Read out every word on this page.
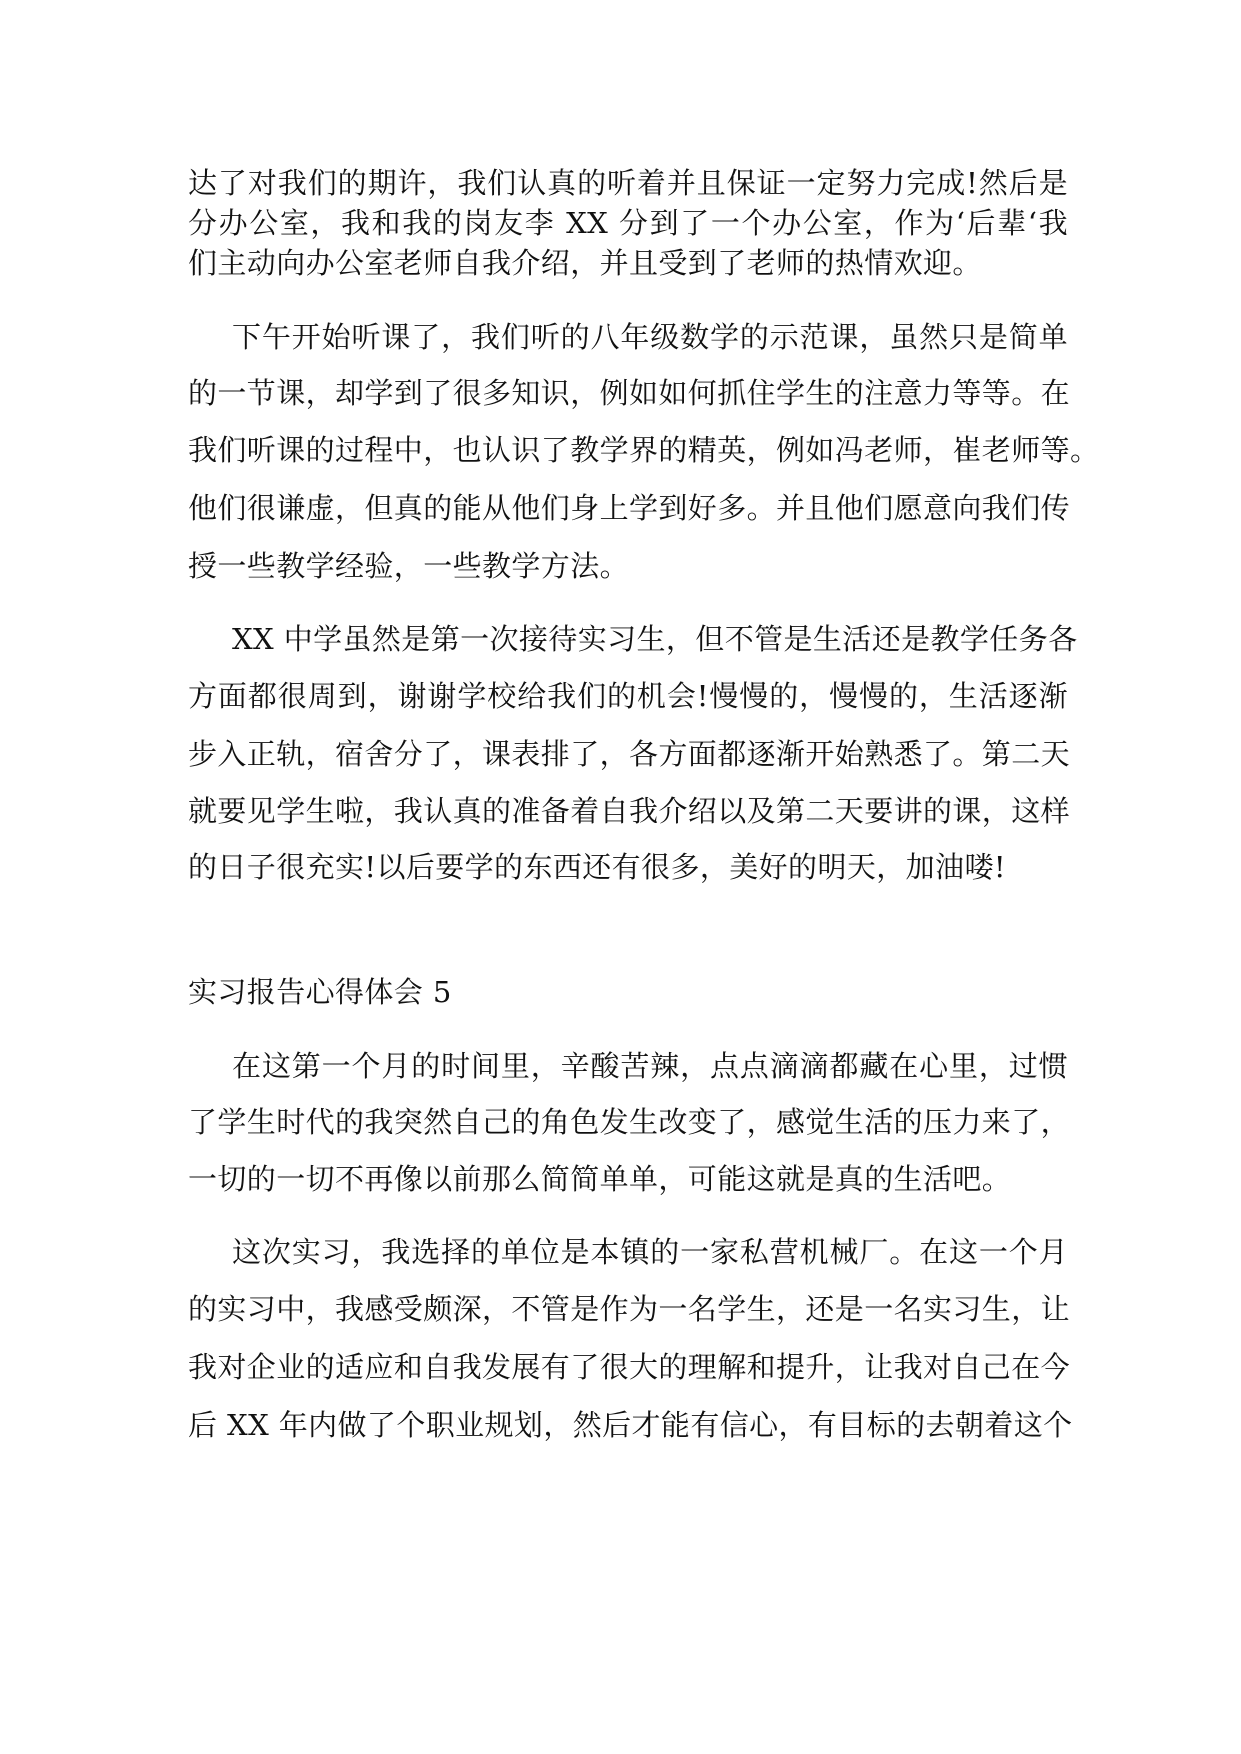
达了对我们的期许，我们认真的听着并且保证一定努力完成!然后是
分办公室，我和我的岗友李 XX 分到了一个办公室，作为‘后辈‘我
们主动向办公室老师自我介绍，并且受到了老师的热情欢迎。
下午开始听课了，我们听的八年级数学的示范课，虽然只是简单
的一节课，却学到了很多知识，例如如何抓住学生的注意力等等。在
我们听课的过程中，也认识了教学界的精英，例如冯老师，崔老师等。
他们很谦虚，但真的能从他们身上学到好多。并且他们愿意向我们传
授一些教学经验，一些教学方法。
XX 中学虽然是第一次接待实习生，但不管是生活还是教学任务各
方面都很周到，谢谢学校给我们的机会!慢慢的，慢慢的，生活逐渐
步入正轨，宿舍分了，课表排了，各方面都逐渐开始熟悉了。第二天
就要见学生啦，我认真的准备着自我介绍以及第二天要讲的课，这样
的日子很充实!以后要学的东西还有很多，美好的明天，加油喽!
实习报告心得体会 5
在这第一个月的时间里，辛酸苦辣，点点滴滴都藏在心里，过惯
了学生时代的我突然自己的角色发生改变了，感觉生活的压力来了，
一切的一切不再像以前那么简简单单，可能这就是真的生活吧。
这次实习，我选择的单位是本镇的一家私营机械厂。在这一个月
的实习中，我感受颇深，不管是作为一名学生，还是一名实习生，让
我对企业的适应和自我发展有了很大的理解和提升，让我对自己在今
后 XX 年内做了个职业规划，然后才能有信心，有目标的去朝着这个
